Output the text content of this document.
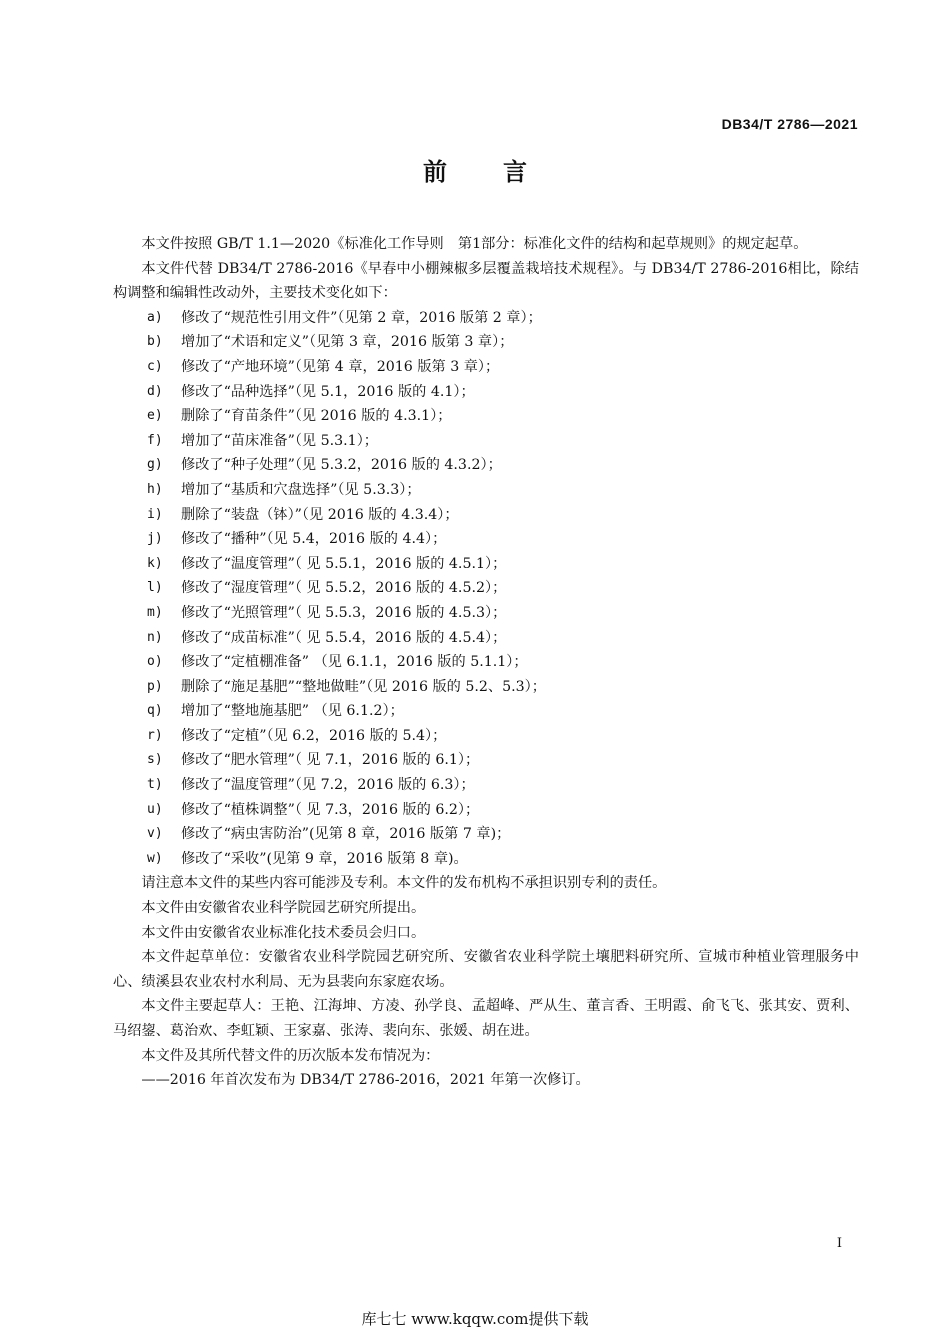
DB34/T 2786—2021
前 言

本文件按照 GB/T 1.1—2020《标准化工作导则　第1部分：标准化文件的结构和起草规则》的规定起草。

本文件代替 DB34/T 2786-2016《早春中小棚辣椒多层覆盖栽培技术规程》。与 DB34/T 2786-2016相比，除结构调整和编辑性改动外，主要技术变化如下：

a)	修改了“规范性引用文件”（见第 2 章，2016 版第 2 章）；
b)	增加了“术语和定义”（见第 3 章，2016 版第 3 章）；
c)	修改了“产地环境”（见第 4 章，2016 版第 3 章）；
d)	修改了“品种选择”（见 5.1，2016 版的 4.1）；
e)	删除了“育苗条件”（见 2016 版的 4.3.1）；
f)	增加了“苗床准备”（见 5.3.1）；
g)	修改了“种子处理”（见 5.3.2，2016 版的 4.3.2）；
h)	增加了“基质和穴盘选择”（见 5.3.3）；
i)	删除了“装盘（钵）”（见 2016 版的 4.3.4）；
j)	修改了“播种”（见 5.4，2016 版的 4.4）；
k)	修改了“温度管理”（ 见 5.5.1，2016 版的 4.5.1）；
l)	修改了“湿度管理”（ 见 5.5.2，2016 版的 4.5.2）；
m)	修改了“光照管理”（ 见 5.5.3，2016 版的 4.5.3）；
n)	修改了“成苗标准”（ 见 5.5.4，2016 版的 4.5.4）；
o)	修改了“定植棚准备” （见 6.1.1，2016 版的 5.1.1）；
p)	删除了“施足基肥”“整地做畦”（见 2016 版的 5.2、5.3）；
q)	增加了“整地施基肥” （见 6.1.2）；
r)	修改了“定植”（见 6.2，2016 版的 5.4）；
s)	修改了“肥水管理”（ 见 7.1，2016 版的 6.1）；
t)	修改了“温度管理”（见 7.2，2016 版的 6.3）；
u)	修改了“植株调整”（ 见 7.3，2016 版的 6.2）；
v)	修改了“病虫害防治”(见第 8 章，2016 版第 7 章)；
w)	修改了“采收”(见第 9 章，2016 版第 8 章)。

请注意本文件的某些内容可能涉及专利。本文件的发布机构不承担识别专利的责任。

本文件由安徽省农业科学院园艺研究所提出。

本文件由安徽省农业标准化技术委员会归口。

本文件起草单位：安徽省农业科学院园艺研究所、安徽省农业科学院土壤肥料研究所、宣城市种植业管理服务中心、绩溪县农业农村水利局、无为县裴向东家庭农场。

本文件主要起草人：王艳、江海坤、方凌、孙学良、孟超峰、严从生、董言香、王明霞、俞飞飞、张其安、贾利、马绍鋆、葛治欢、李虹颖、王家嘉、张涛、裴向东、张媛、胡在进。

本文件及其所代替文件的历次版本发布情况为：

——2016 年首次发布为 DB34/T 2786-2016，2021 年第一次修订。

I
库七七 www.kqqw.com提供下载
